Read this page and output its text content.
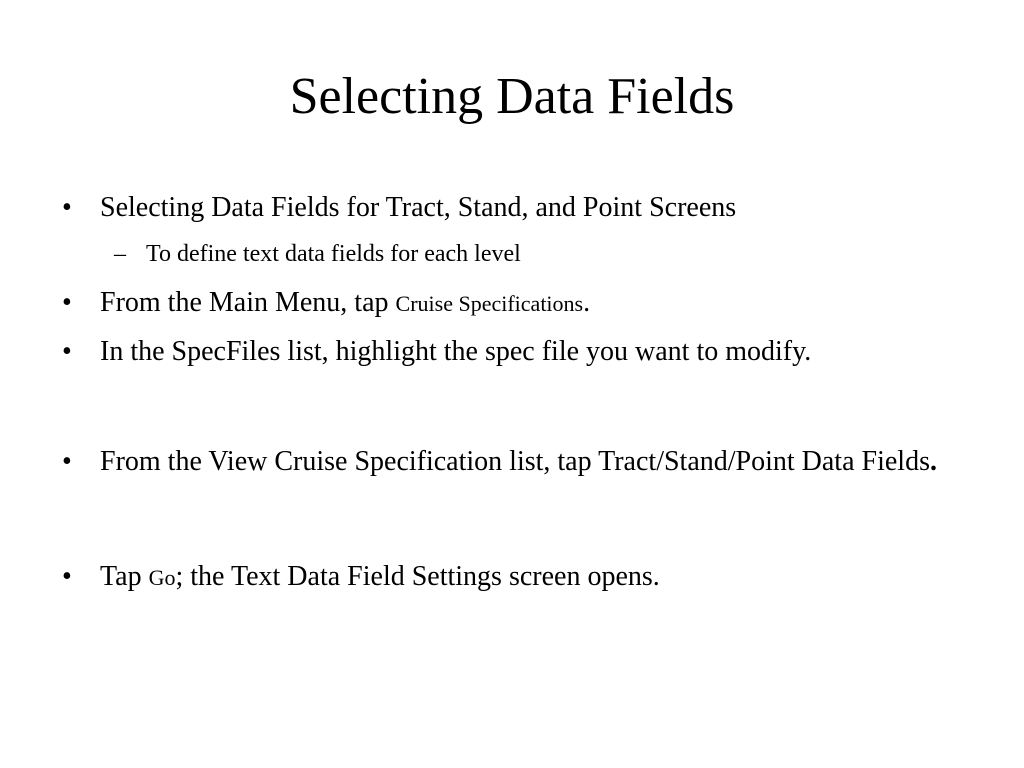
Selecting Data Fields
• Selecting Data Fields for Tract, Stand, and Point Screens
– To define text data fields for each level
• From the Main Menu, tap Cruise Specifications.
• In the SpecFiles list, highlight the spec file you want to modify.
• From the View Cruise Specification list, tap Tract/Stand/Point Data Fields.
• Tap Go; the Text Data Field Settings screen opens.
